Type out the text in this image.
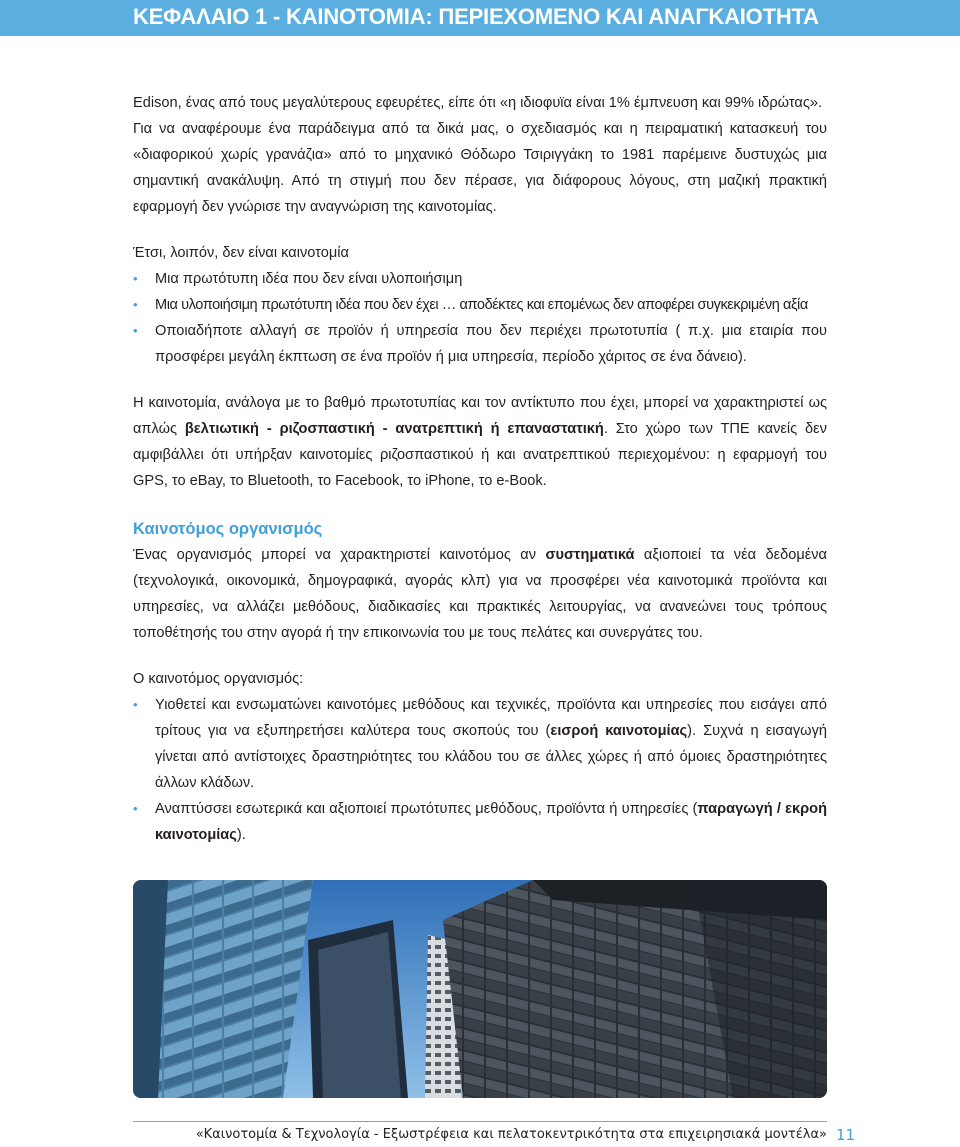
ΚΕΦΑΛΑΙΟ 1 - ΚΑΙΝΟΤΟΜΙΑ: ΠΕΡΙΕΧΟΜΕΝΟ ΚΑΙ ΑΝΑΓΚΑΙΟΤΗΤΑ

Edison, ένας από τους μεγαλύτερους εφευρέτες, είπε ότι «η ιδιοφυϊα είναι 1% έμπνευση και 99% ιδρώτας».

Για να αναφέρουμε ένα παράδειγμα από τα δικά μας, ο σχεδιασμός και η πειραματική κατασκευή του «διαφορικού χωρίς γρανάζια» από το μηχανικό Θόδωρο Τσιριγγάκη το 1981 παρέμεινε δυστυχώς μια σημαντική ανακάλυψη. Από τη στιγμή που δεν πέρασε, για διάφορους λόγους, στη μαζική πρακτική εφαρμογή δεν γνώρισε την αναγνώριση της καινοτομίας.

Έτσι, λοιπόν, δεν είναι καινοτομία

• Μια πρωτότυπη ιδέα που δεν είναι υλοποιήσιμη
• Μια υλοποιήσιμη πρωτότυπη ιδέα που δεν έχει … αποδέκτες και επομένως δεν αποφέρει συγκεκριμένη αξία
• Οποιαδήποτε αλλαγή σε προϊόν ή υπηρεσία που δεν περιέχει πρωτοτυπία ( π.χ. μια εταιρία που προσφέρει μεγάλη έκπτωση σε ένα προϊόν ή μια υπηρεσία, περίοδο χάριτος σε ένα δάνειο).

Η καινοτομία, ανάλογα με το βαθμό πρωτοτυπίας και τον αντίκτυπο που έχει, μπορεί να χαρακτηριστεί ως απλώς βελτιωτική - ριζοσπαστική - ανατρεπτική ή επαναστατική. Στο χώρο των ΤΠΕ κανείς δεν αμφιβάλλει ότι υπήρξαν καινοτομίες ριζοσπαστικού ή και ανατρεπτικού περιεχομένου: η εφαρμογή του GPS, το eBay, το Bluetooth, το Facebook, το iPhone, το e-Book.

Καινοτόμος οργανισμός

Ένας οργανισμός μπορεί να χαρακτηριστεί καινοτόμος αν συστηματικά αξιοποιεί τα νέα δεδομένα (τεχνολογικά, οικονομικά, δημογραφικά, αγοράς κλπ) για να προσφέρει νέα καινοτομικά προϊόντα και υπηρεσίες, να αλλάζει μεθόδους, διαδικασίες και πρακτικές λειτουργίας, να ανανεώνει τους τρόπους τοποθέτησής του στην αγορά ή την επικοινωνία του με τους πελάτες και συνεργάτες του.

Ο καινοτόμος οργανισμός:

• Υιοθετεί και ενσωματώνει καινοτόμες μεθόδους και τεχνικές, προϊόντα και υπηρεσίες που εισάγει από τρίτους για να εξυπηρετήσει καλύτερα τους σκοπούς του (εισροή καινοτομίας). Συχνά η εισαγωγή γίνεται από αντίστοιχες δραστηριότητες του κλάδου του σε άλλες χώρες ή από όμοιες δραστηριότητες άλλων κλάδων.
• Αναπτύσσει εσωτερικά και αξιοποιεί πρωτότυπες μεθόδους, προϊόντα ή υπηρεσίες (παραγωγή / εκροή καινοτομίας).
«Καινοτομία & Τεχνολογία - Εξωστρέφεια και πελατοκεντρικότητα στα επιχειρησιακά μοντέλα» 11
